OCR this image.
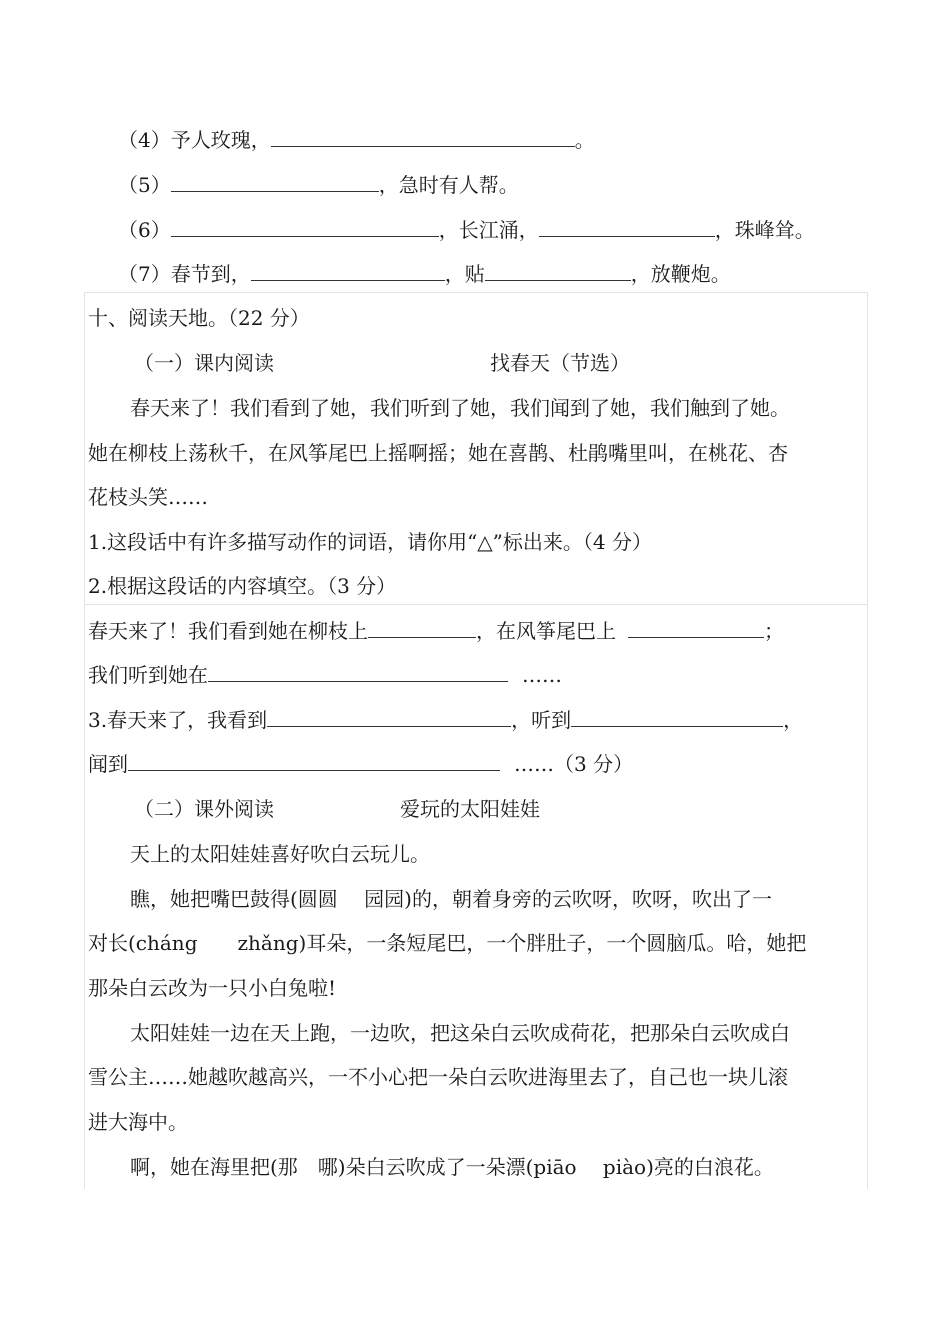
（4）予人玫瑰，	。
（5）	，急时有人帮。
（6）	，长江涌，	，珠峰耸。
（7）春节到，	，贴	，放鞭炮。
十、阅读天地。（22 分）
（一）课内阅读	找春天（节选）
春天来了！我们看到了她，我们听到了她，我们闻到了她，我们触到了她。
她在柳枝上荡秋千，在风筝尾巴上摇啊摇；她在喜鹊、杜鹃嘴里叫，在桃花、杏
花枝头笑……
1.这段话中有许多描写动作的词语，请你用“△”标出来。（4 分）
2.根据这段话的内容填空。（3 分）
春天来了！我们看到她在柳枝上	，在风筝尾巴上	；
我们听到她在	……
3.春天来了，我看到	，听到	，
闻到	……（3 分）
（二）课外阅读	爱玩的太阳娃娃
天上的太阳娃娃喜好吹白云玩儿。
瞧，她把嘴巴鼓得(圆圆　 园园)的，朝着身旁的云吹呀，吹呀，吹出了一
对长(cháng　　zhǎng)耳朵，一条短尾巴，一个胖肚子，一个圆脑瓜。哈，她把
那朵白云改为一只小白兔啦!
太阳娃娃一边在天上跑，一边吹，把这朵白云吹成荷花，把那朵白云吹成白
雪公主……她越吹越高兴，一不小心把一朵白云吹进海里去了，自己也一块儿滚
进大海中。
啊，她在海里把(那　哪)朵白云吹成了一朵漂(piāo　 piào)亮的白浪花。
